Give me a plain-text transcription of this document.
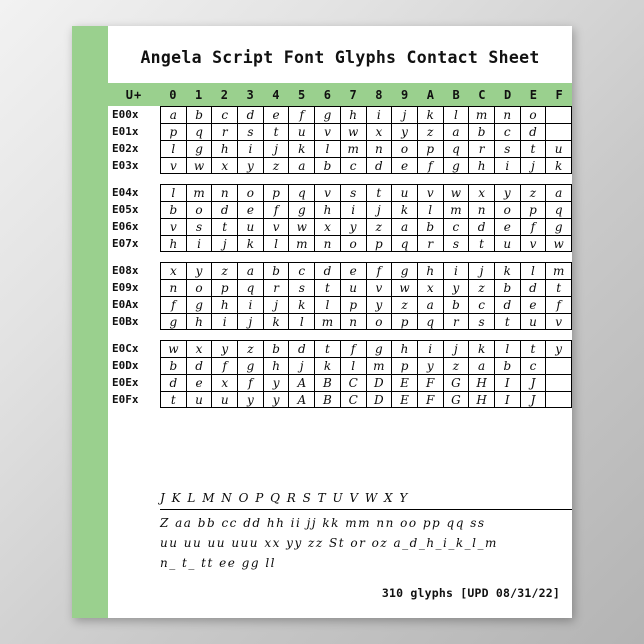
Angela Script Font Glyphs Contact Sheet
U+	0	1	2	3	4	5	6	7	8	9	A	B	C	D	E	F
E00x	a	b	c	d	e	f	g	h	i	j	k	l	m	n	o
E01x	p	q	r	s	t	u	v	w	x	y	z	a	b	c	d
E02x	l	g	h	i	j	k	l	m	n	o	p	q	r	s	t	u
E03x	v	w	x	y	z	a	b	c	d	e	f	g	h	i	j	k
E04x	l	m	n	o	p	q	v	s	t	u	v	w	x	y	z	a
E05x	b	o	d	e	f	g	h	i	j	k	l	m	n	o	p	q
E06x	v	s	t	u	v	w	x	y	z	a	b	c	d	e	f	g
E07x	h	i	j	k	l	m	n	o	p	q	r	s	t	u	v	w
E08x	x	y	z	a	b	c	d	e	f	g	h	i	j	k	l	m
E09x	n	o	p	q	r	s	t	u	v	w	x	y	z	b	d	t
E0Ax	f	g	h	i	j	k	l	p	y	z	a	b	c	d	e	f
E0Bx	g	h	i	j	k	l	m	n	o	p	q	r	s	t	u	v
E0Cx	w	x	y	z	b	d	t	f	g	h	i	j	k	l	t	y
E0Dx	b	d	f	g	h	j	k	l	m	p	y	z	a	b	c
E0Ex	d	e	x	f	y	A	B	C	D	E	F	G	H	I	J
E0Fx	t	u	u	y	y	A	B	C	D	E	F	G	H	I	J
J K L M N O P Q R S T U V W X Y
Z aa bb cc dd hh ii jj kk mm nn oo pp qq ss
uu uu uu uuu xx yy zz St or oz a_d_h_i_k_l_m
n_ t_ tt ee gg ll
310 glyphs [UPD 08/31/22]
